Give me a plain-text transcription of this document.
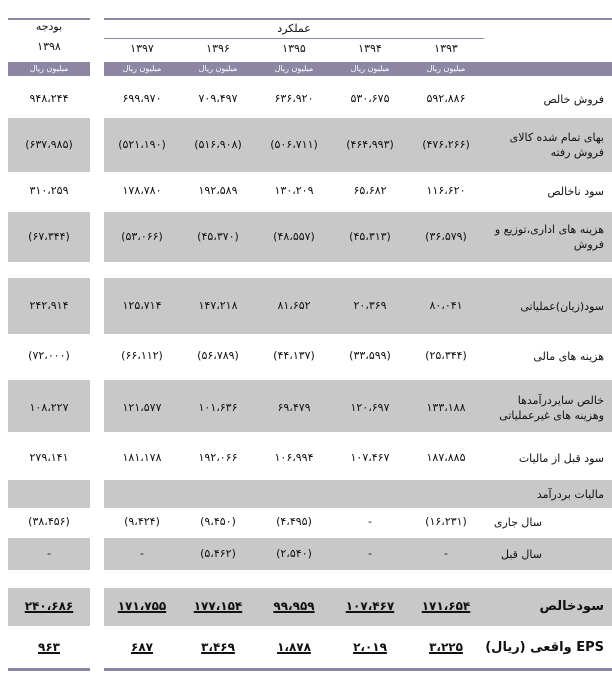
بودجه
۱۳۹۸
عملکرد
۱۳۹۷	۱۳۹۶	۱۳۹۵	۱۳۹۴	۱۳۹۳
میلیون ریال	میلیون ریال	میلیون ریال	میلیون ریال	میلیون ریال	میلیون ریال
فروش خالص
۹۴۸،۲۴۴	۶۹۹،۹۷۰	۷۰۹،۴۹۷	۶۳۶،۹۲۰	۵۳۰،۶۷۵	۵۹۲،۸۸۶
بهای تمام شده کالای فروش رفته
(۶۳۷،۹۸۵)	(۵۲۱،۱۹۰)	(۵۱۶،۹۰۸)	(۵۰۶،۷۱۱)	(۴۶۴،۹۹۳)	(۴۷۶،۲۶۶)
سود ناخالص
۳۱۰،۲۵۹	۱۷۸،۷۸۰	۱۹۲،۵۸۹	۱۳۰،۲۰۹	۶۵،۶۸۲	۱۱۶،۶۲۰
هزینه های اداری،توزیع و فروش
(۶۷،۳۴۴)	(۵۳،۰۶۶)	(۴۵،۳۷۰)	(۴۸،۵۵۷)	(۴۵،۳۱۳)	(۳۶،۵۷۹)
سود(زیان)عملیاتی
۲۴۲،۹۱۴	۱۲۵،۷۱۴	۱۴۷،۲۱۸	۸۱،۶۵۲	۲۰،۳۶۹	۸۰،۰۴۱
هزینه های مالی
(۷۲،۰۰۰)	(۶۶،۱۱۲)	(۵۶،۷۸۹)	(۴۴،۱۳۷)	(۳۳،۵۹۹)	(۲۵،۳۴۴)
خالص سایردرآمدها وهزینه های غیرعملیاتی
۱۰۸،۲۲۷	۱۲۱،۵۷۷	۱۰۱،۶۳۶	۶۹،۴۷۹	۱۲۰،۶۹۷	۱۳۳،۱۸۸
سود قبل از مالیات
۲۷۹،۱۴۱	۱۸۱،۱۷۸	۱۹۲،۰۶۶	۱۰۶،۹۹۴	۱۰۷،۴۶۷	۱۸۷،۸۸۵
مالیات بردرآمد
سال جاری
(۳۸،۴۵۶)	(۹،۴۲۴)	(۹،۴۵۰)	(۴،۴۹۵)	-	(۱۶،۲۳۱)
سال قبل
-	-	(۵،۴۶۲)	(۲،۵۴۰)	-	-
سودخالص
۲۴۰،۶۸۶	۱۷۱،۷۵۵	۱۷۷،۱۵۴	۹۹،۹۵۹	۱۰۷،۴۶۷	۱۷۱،۶۵۴
EPS واقعی (ریال)
۹۶۳	۶۸۷	۳،۴۶۹	۱،۸۷۸	۲،۰۱۹	۳،۲۲۵
